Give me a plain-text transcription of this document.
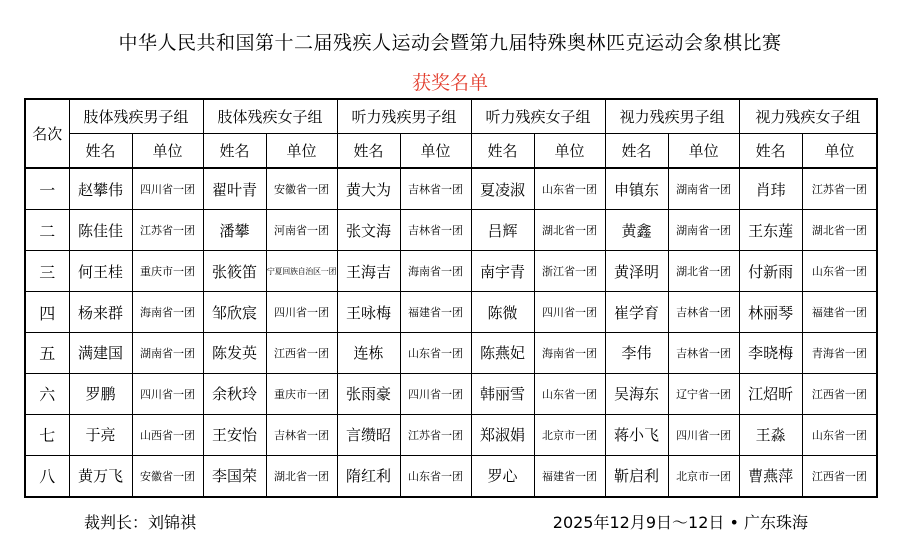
中华人民共和国第十二届残疾人运动会暨第九届特殊奥林匹克运动会象棋比赛
获奖名单
名次	肢体残疾男子组		肢体残疾女子组		听力残疾男子组		听力残疾女子组		视力残疾男子组		视力残疾女子组	
	姓名	单位	姓名	单位	姓名	单位	姓名	单位	姓名	单位	姓名	单位
一	赵攀伟	四川省一团	翟叶青	安徽省一团	黄大为	吉林省一团	夏凌淑	山东省一团	申镇东	湖南省一团	肖玮	江苏省一团
二	陈佳佳	江苏省一团	潘攀	河南省一团	张文海	吉林省一团	吕辉	湖北省一团	黄鑫	湖南省一团	王东莲	湖北省一团
三	何王桂	重庆市一团	张筱笛	宁夏回族自治区一团	王海吉	海南省一团	南宇青	浙江省一团	黄泽明	湖北省一团	付新雨	山东省一团
四	杨来群	海南省一团	邹欣宸	四川省一团	王咏梅	福建省一团	陈微	四川省一团	崔学育	吉林省一团	林丽琴	福建省一团
五	满建国	湖南省一团	陈发英	江西省一团	连栋	山东省一团	陈燕妃	海南省一团	李伟	吉林省一团	李晓梅	青海省一团
六	罗鹏	四川省一团	余秋玲	重庆市一团	张雨豪	四川省一团	韩丽雪	山东省一团	吴海东	辽宁省一团	江炤昕	江西省一团
七	于亮	山西省一团	王安怡	吉林省一团	言缵昭	江苏省一团	郑淑娟	北京市一团	蒋小飞	四川省一团	王淼	山东省一团
八	黄万飞	安徽省一团	李国荣	湖北省一团	隋红利	山东省一团	罗心	福建省一团	靳启利	北京市一团	曹燕萍	江西省一团
裁判长：刘锦祺	2025年12月9日～12日 • 广东珠海
